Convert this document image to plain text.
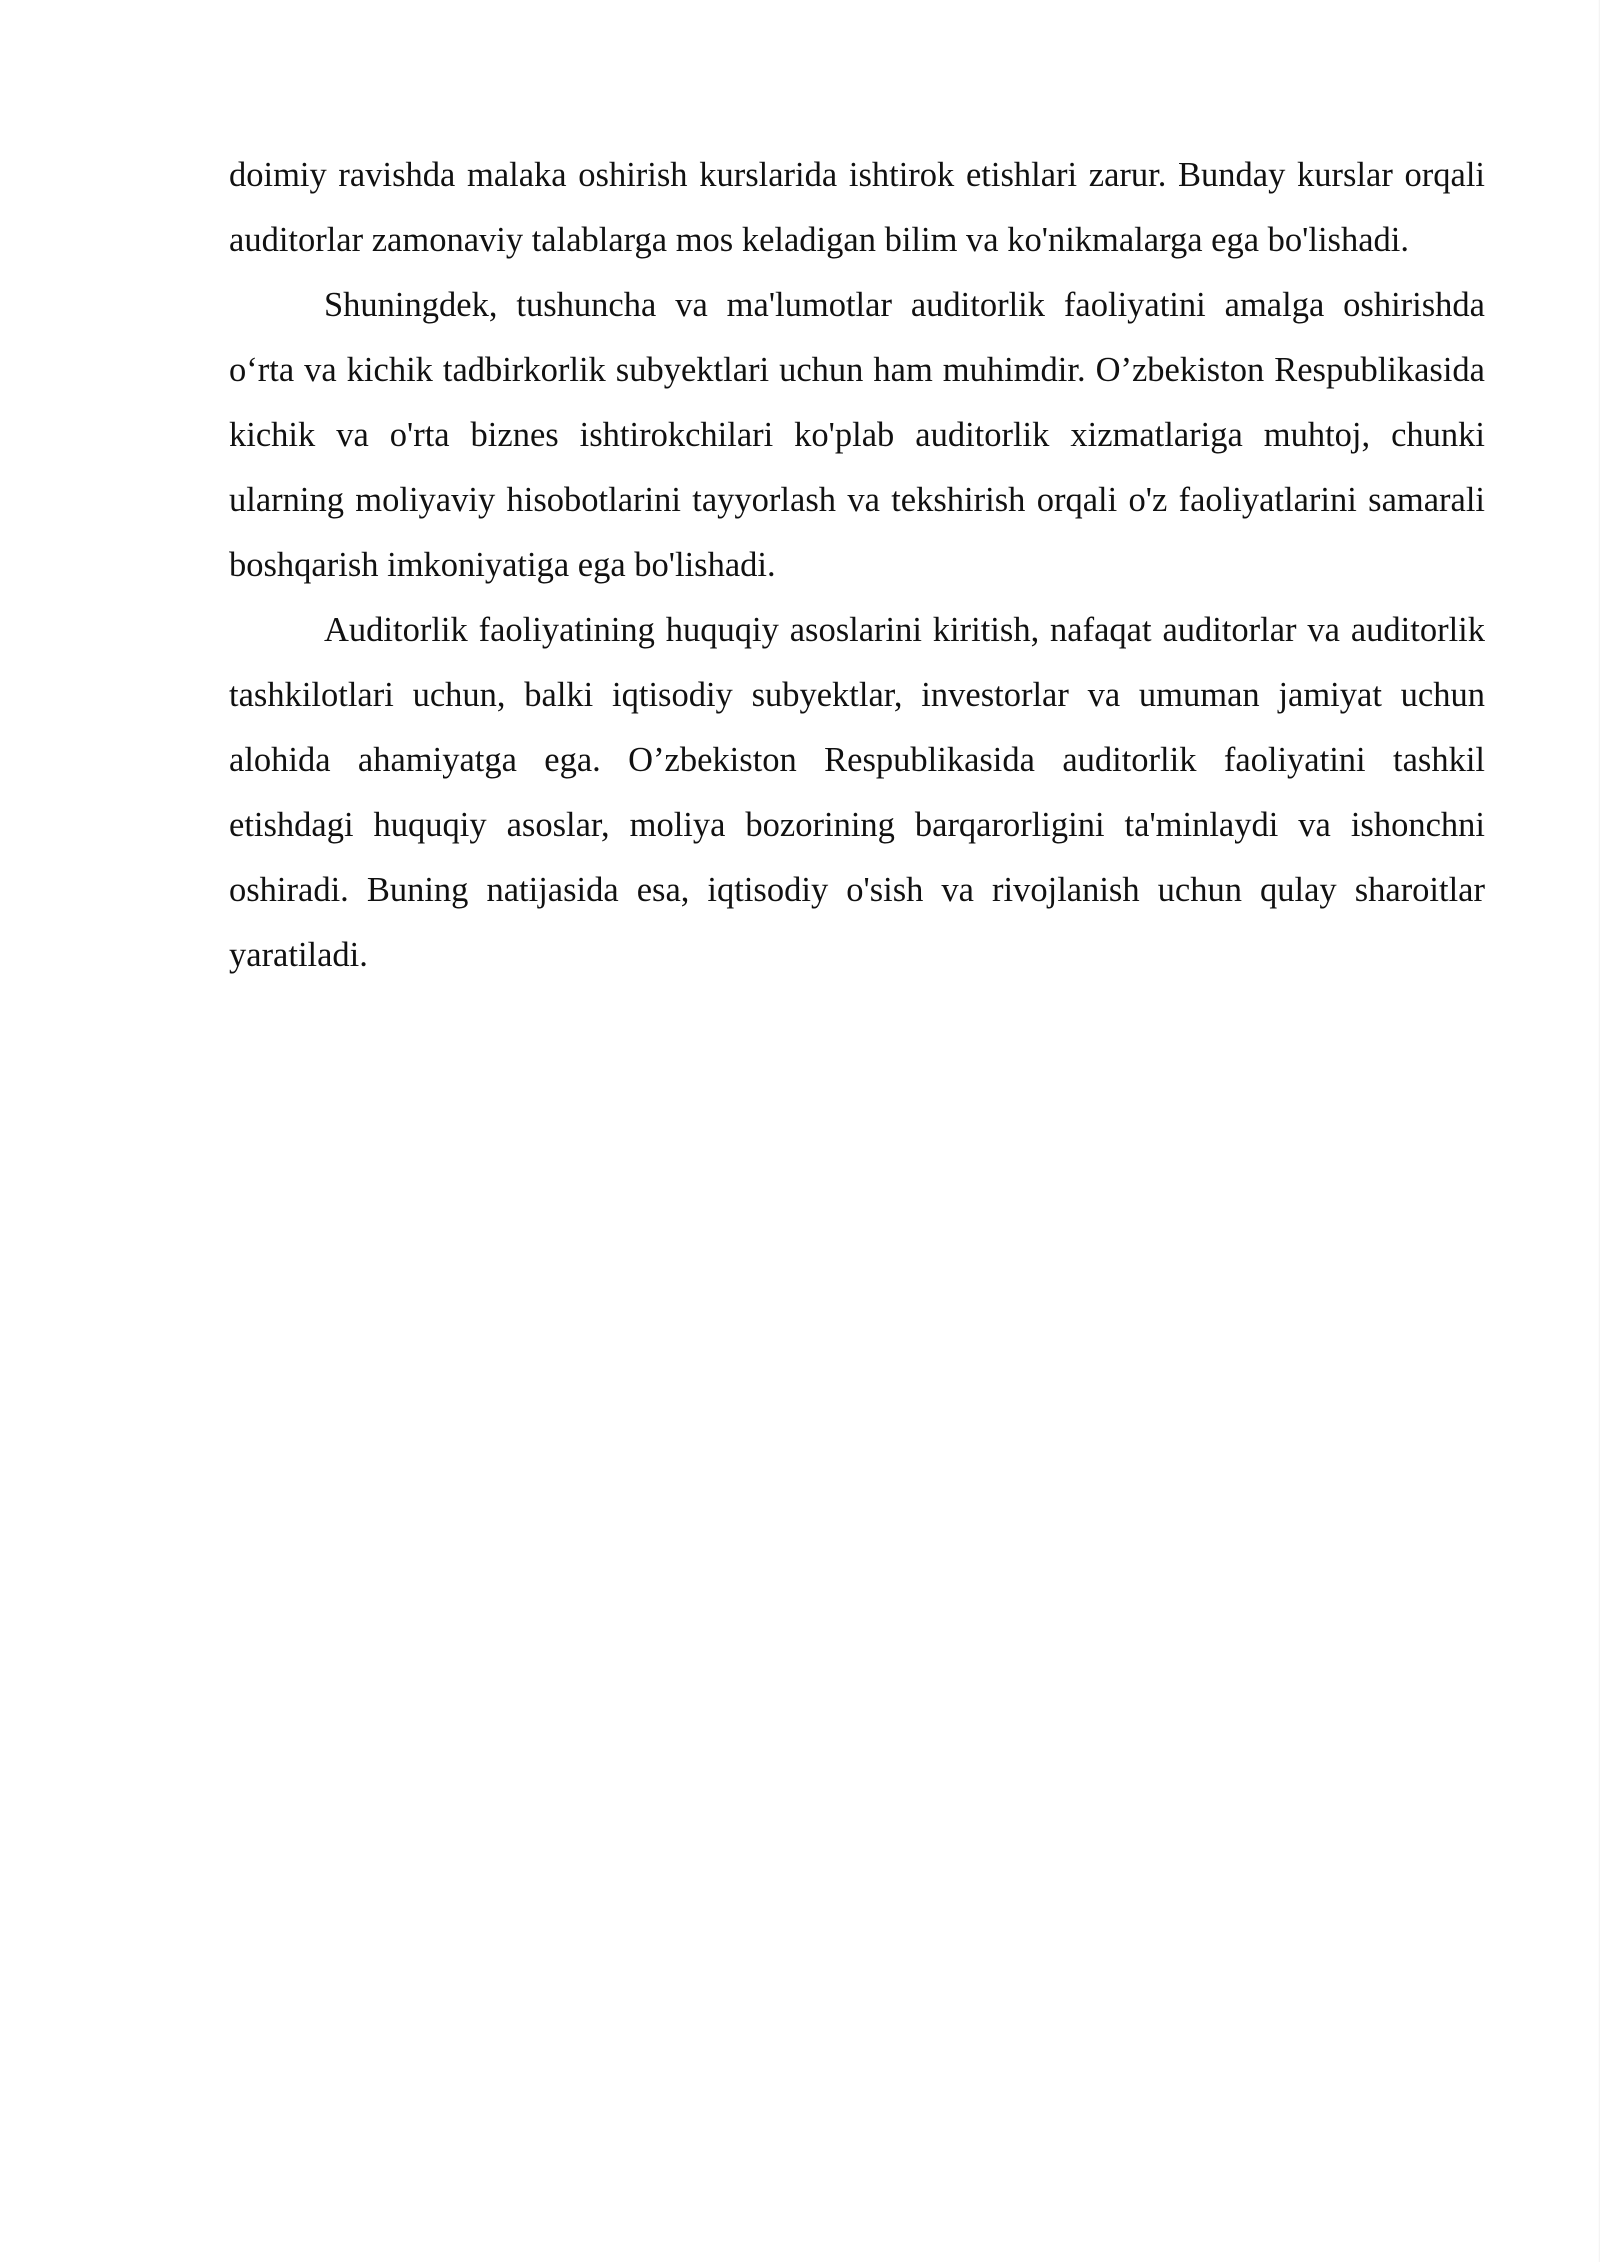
doimiy ravishda malaka oshirish kurslarida ishtirok etishlari zarur. Bunday kurslar orqali auditorlar zamonaviy talablarga mos keladigan bilim va ko'nikmalarga ega bo'lishadi.

Shuningdek, tushuncha va ma'lumotlar auditorlik faoliyatini amalga oshirishda o‘rta va kichik tadbirkorlik subyektlari uchun ham muhimdir. O’zbekiston Respublikasida kichik va o'rta biznes ishtirokchilari ko'plab auditorlik xizmatlariga muhtoj, chunki ularning moliyaviy hisobotlarini tayyorlash va tekshirish orqali o'z faoliyatlarini samarali boshqarish imkoniyatiga ega bo'lishadi.

Auditorlik faoliyatining huquqiy asoslarini kiritish, nafaqat auditorlar va auditorlik tashkilotlari uchun, balki iqtisodiy subyektlar, investorlar va umuman jamiyat uchun alohida ahamiyatga ega. O’zbekiston Respublikasida auditorlik faoliyatini tashkil etishdagi huquqiy asoslar, moliya bozorining barqarorligini ta'minlaydi va ishonchni oshiradi. Buning natijasida esa, iqtisodiy o'sish va rivojlanish uchun qulay sharoitlar yaratiladi.
